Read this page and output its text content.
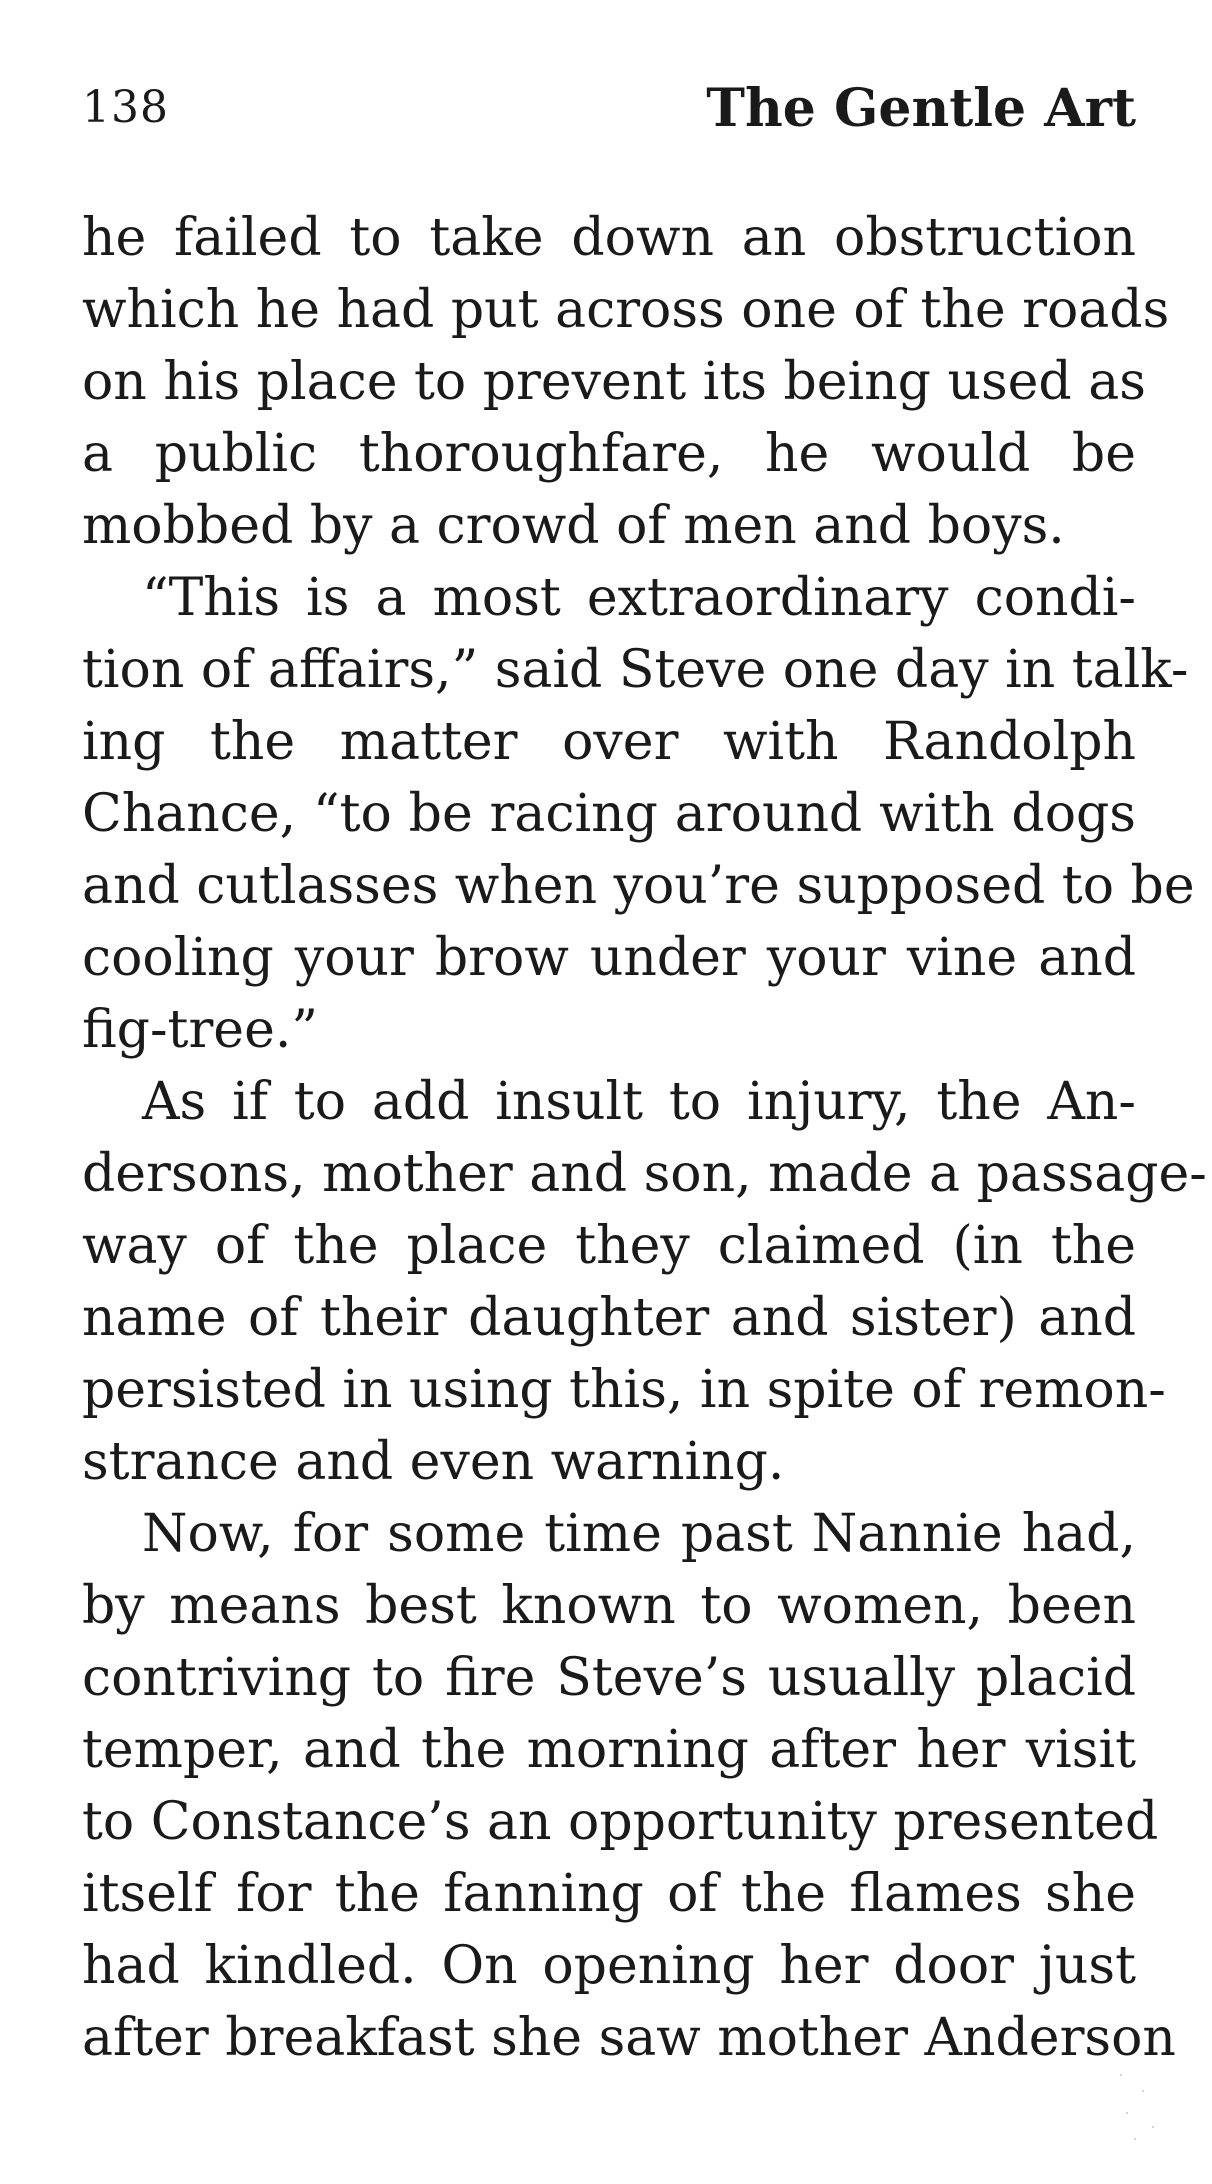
138	The Gentle Art
he failed to take down an obstruction
which he had put across one of the roads
on his place to prevent its being used as
a public thoroughfare, he would be
mobbed by a crowd of men and boys.
“This is a most extraordinary condi-
tion of affairs,” said Steve one day in talk-
ing the matter over with Randolph
Chance, “to be racing around with dogs
and cutlasses when you’re supposed to be
cooling your brow under your vine and
fig-tree.”
As if to add insult to injury, the An-
dersons, mother and son, made a passage-
way of the place they claimed (in the
name of their daughter and sister) and
persisted in using this, in spite of remon-
strance and even warning.
Now, for some time past Nannie had,
by means best known to women, been
contriving to fire Steve’s usually placid
temper, and the morning after her visit
to Constance’s an opportunity presented
itself for the fanning of the flames she
had kindled. On opening her door just
after breakfast she saw mother Anderson
